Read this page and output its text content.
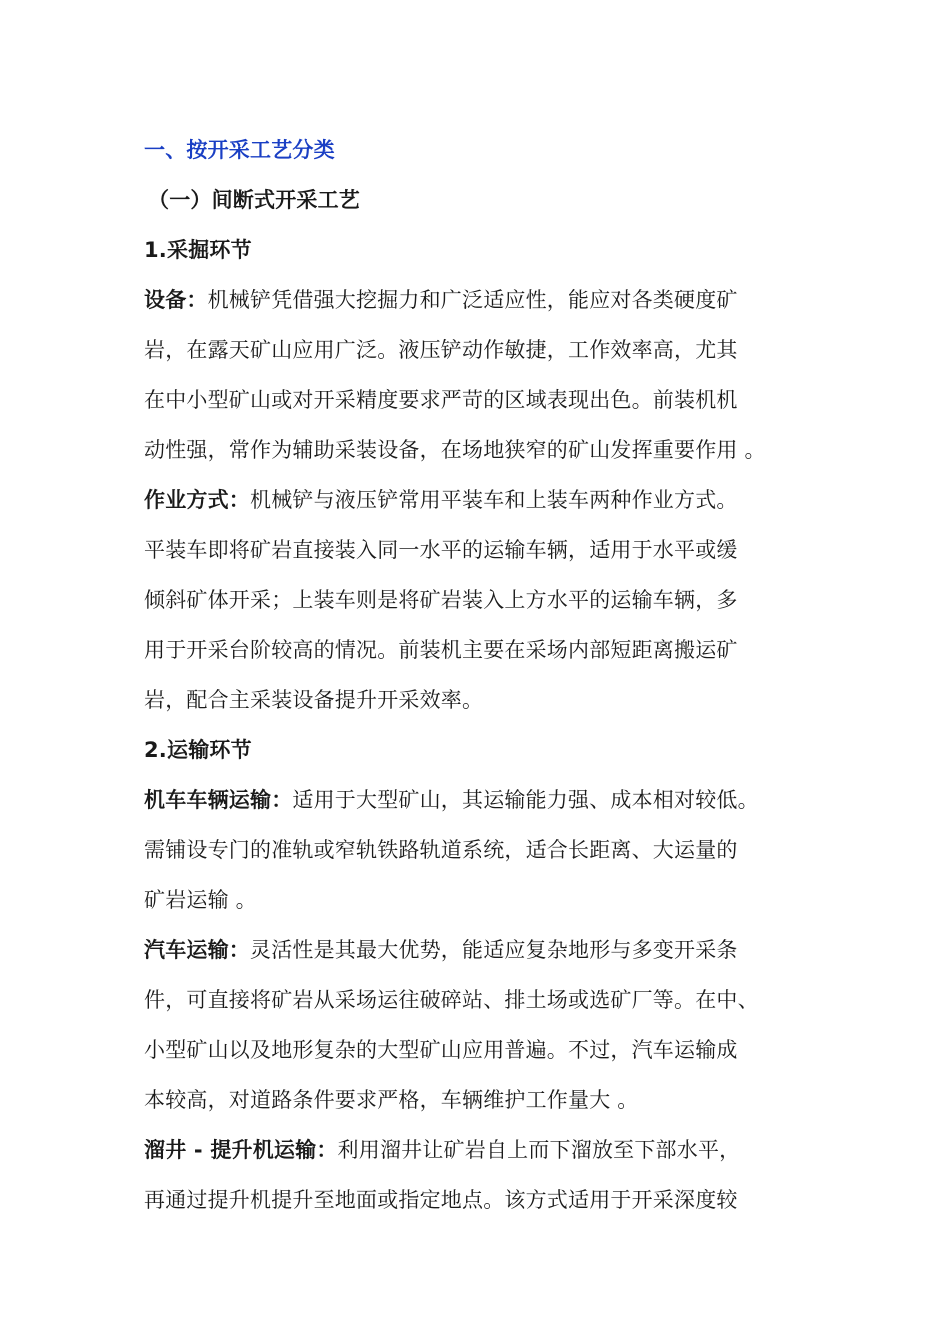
一、按开采工艺分类
（一）间断式开采工艺
1.采掘环节
设备：机械铲凭借强大挖掘力和广泛适应性，能应对各类硬度矿
岩，在露天矿山应用广泛。液压铲动作敏捷，工作效率高，尤其
在中小型矿山或对开采精度要求严苛的区域表现出色。前装机机
动性强，常作为辅助采装设备，在场地狭窄的矿山发挥重要作用 。
作业方式：机械铲与液压铲常用平装车和上装车两种作业方式。
平装车即将矿岩直接装入同一水平的运输车辆，适用于水平或缓
倾斜矿体开采；上装车则是将矿岩装入上方水平的运输车辆，多
用于开采台阶较高的情况。前装机主要在采场内部短距离搬运矿
岩，配合主采装设备提升开采效率。
2.运输环节
机车车辆运输：适用于大型矿山，其运输能力强、成本相对较低。
需铺设专门的准轨或窄轨铁路轨道系统，适合长距离、大运量的
矿岩运输 。
汽车运输：灵活性是其最大优势，能适应复杂地形与多变开采条
件，可直接将矿岩从采场运往破碎站、排土场或选矿厂等。在中、
小型矿山以及地形复杂的大型矿山应用普遍。不过，汽车运输成
本较高，对道路条件要求严格，车辆维护工作量大 。
溜井 - 提升机运输：利用溜井让矿岩自上而下溜放至下部水平，
再通过提升机提升至地面或指定地点。该方式适用于开采深度较
